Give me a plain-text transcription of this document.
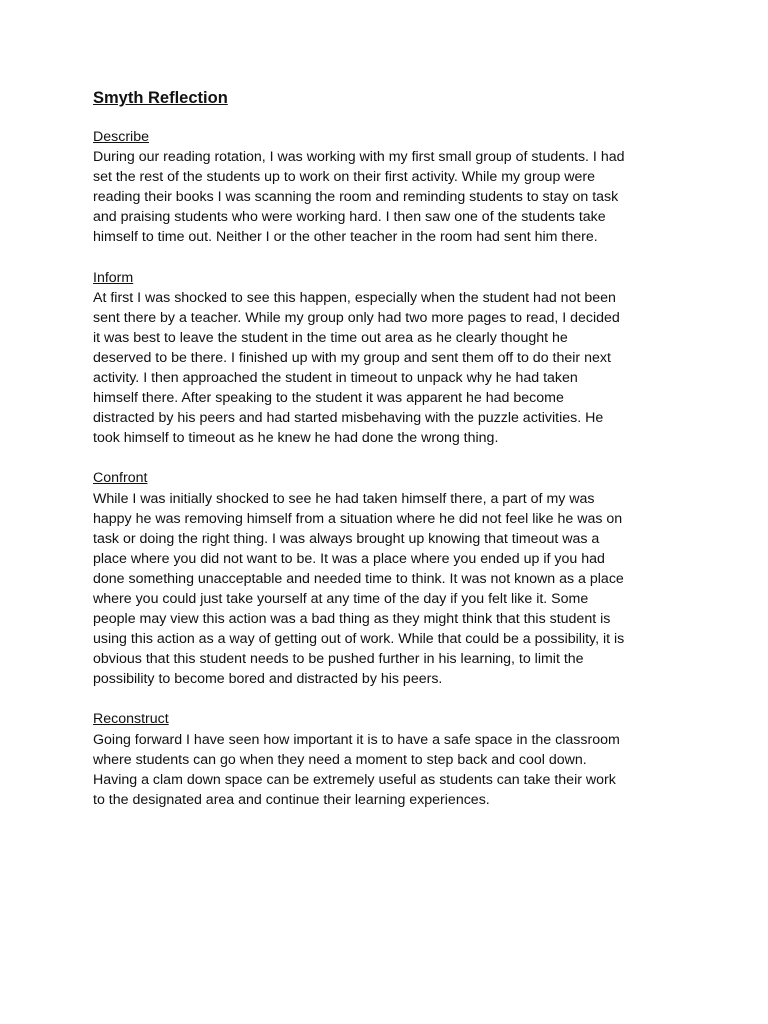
Smyth Reflection

Describe

During our reading rotation, I was working with my first small group of students. I had
set the rest of the students up to work on their first activity. While my group were
reading their books I was scanning the room and reminding students to stay on task
and praising students who were working hard. I then saw one of the students take
himself to time out. Neither I or the other teacher in the room had sent him there.

Inform

At first I was shocked to see this happen, especially when the student had not been
sent there by a teacher. While my group only had two more pages to read, I decided
it was best to leave the student in the time out area as he clearly thought he
deserved to be there. I finished up with my group and sent them off to do their next
activity. I then approached the student in timeout to unpack why he had taken
himself there. After speaking to the student it was apparent he had become
distracted by his peers and had started misbehaving with the puzzle activities. He
took himself to timeout as he knew he had done the wrong thing.

Confront

While I was initially shocked to see he had taken himself there, a part of my was
happy he was removing himself from a situation where he did not feel like he was on
task or doing the right thing. I was always brought up knowing that timeout was a
place where you did not want to be. It was a place where you ended up if you had
done something unacceptable and needed time to think. It was not known as a place
where you could just take yourself at any time of the day if you felt like it. Some
people may view this action was a bad thing as they might think that this student is
using this action as a way of getting out of work. While that could be a possibility, it is
obvious that this student needs to be pushed further in his learning, to limit the
possibility to become bored and distracted by his peers.

Reconstruct

Going forward I have seen how important it is to have a safe space in the classroom
where students can go when they need a moment to step back and cool down.
Having a clam down space can be extremely useful as students can take their work
to the designated area and continue their learning experiences.
